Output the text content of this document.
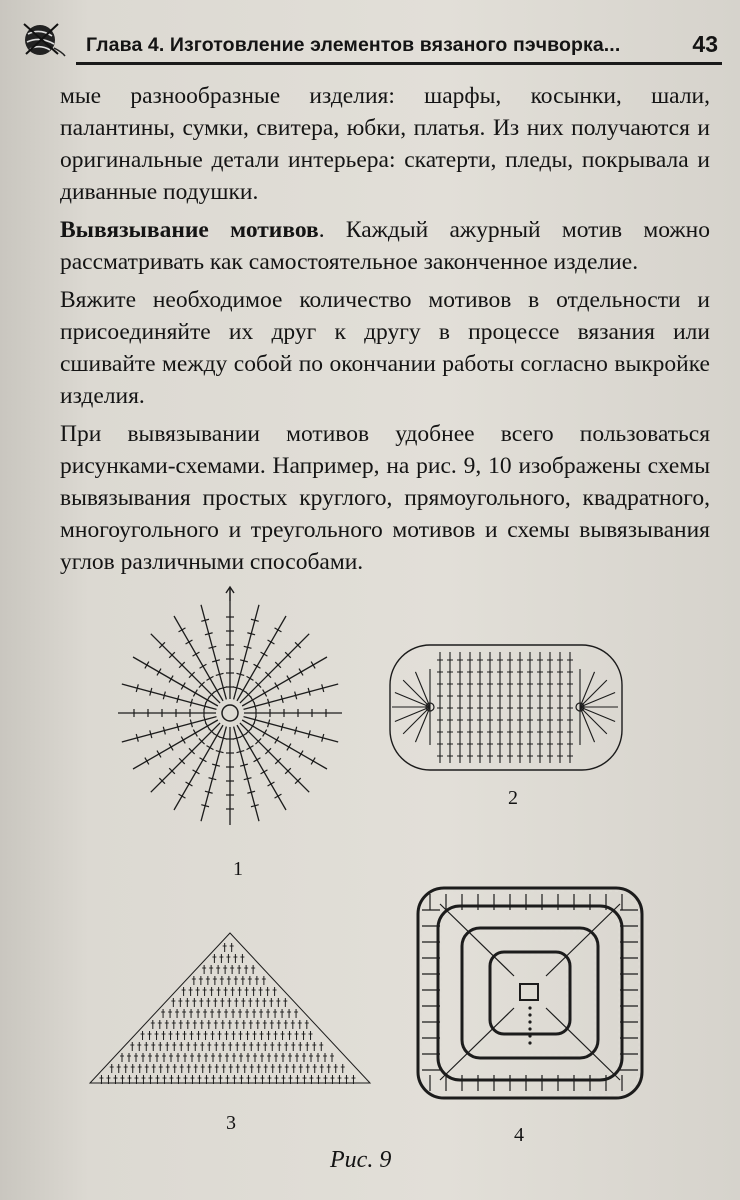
Глава 4. Изготовление элементов вязаного пэчворка...	43

мые разнообразные изделия: шарфы, косынки, шали, палантины, сумки, свитера, юбки, платья. Из них получаются и оригинальные детали интерьера: скатерти, пледы, покрывала и диванные подушки.

Вывязывание мотивов. Каждый ажурный мотив можно рассматривать как самостоятельное законченное изделие.

Вяжите необходимое количество мотивов в отдельности и присоединяйте их друг к другу в процессе вязания или сшивайте между собой по окончании работы согласно выкройке изделия.

При вывязывании мотивов удобнее всего пользоваться рисунками-схемами. Например, на рис. 9, 10 изображены схемы вывязывания простых круглого, прямоугольного, квадратного, многоугольного и треугольного мотивов и схемы вывязывания углов различными способами.

1
2
3
4
Рис. 9
